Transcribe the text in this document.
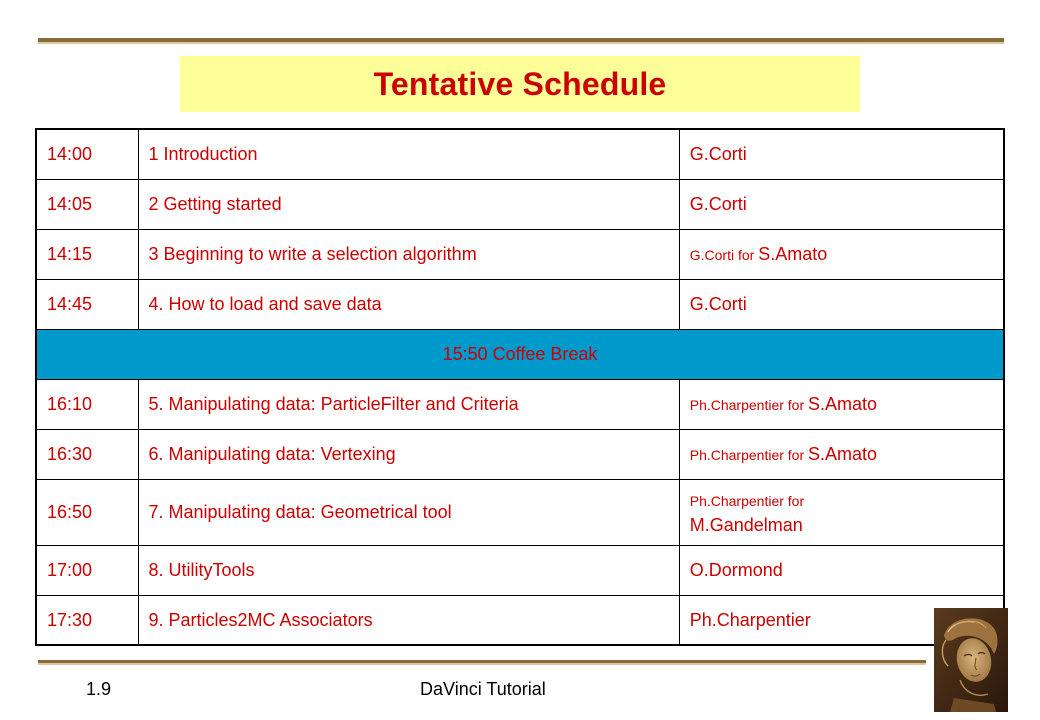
Tentative Schedule
14:00	1 Introduction	G.Corti
14:05	2 Getting started	G.Corti
14:15	3 Beginning to write a selection algorithm	G.Corti for S.Amato
14:45	4. How to load and save data	G.Corti
15:50 Coffee Break		
16:10	5. Manipulating data: ParticleFilter and Criteria	Ph.Charpentier for S.Amato
16:30	6. Manipulating data: Vertexing	Ph.Charpentier for S.Amato
16:50	7. Manipulating data: Geometrical tool	Ph.Charpentier for
M.Gandelman
17:00	8. UtilityTools	O.Dormond
17:30	9. Particles2MC Associators	Ph.Charpentier
1.9	DaVinci Tutorial
